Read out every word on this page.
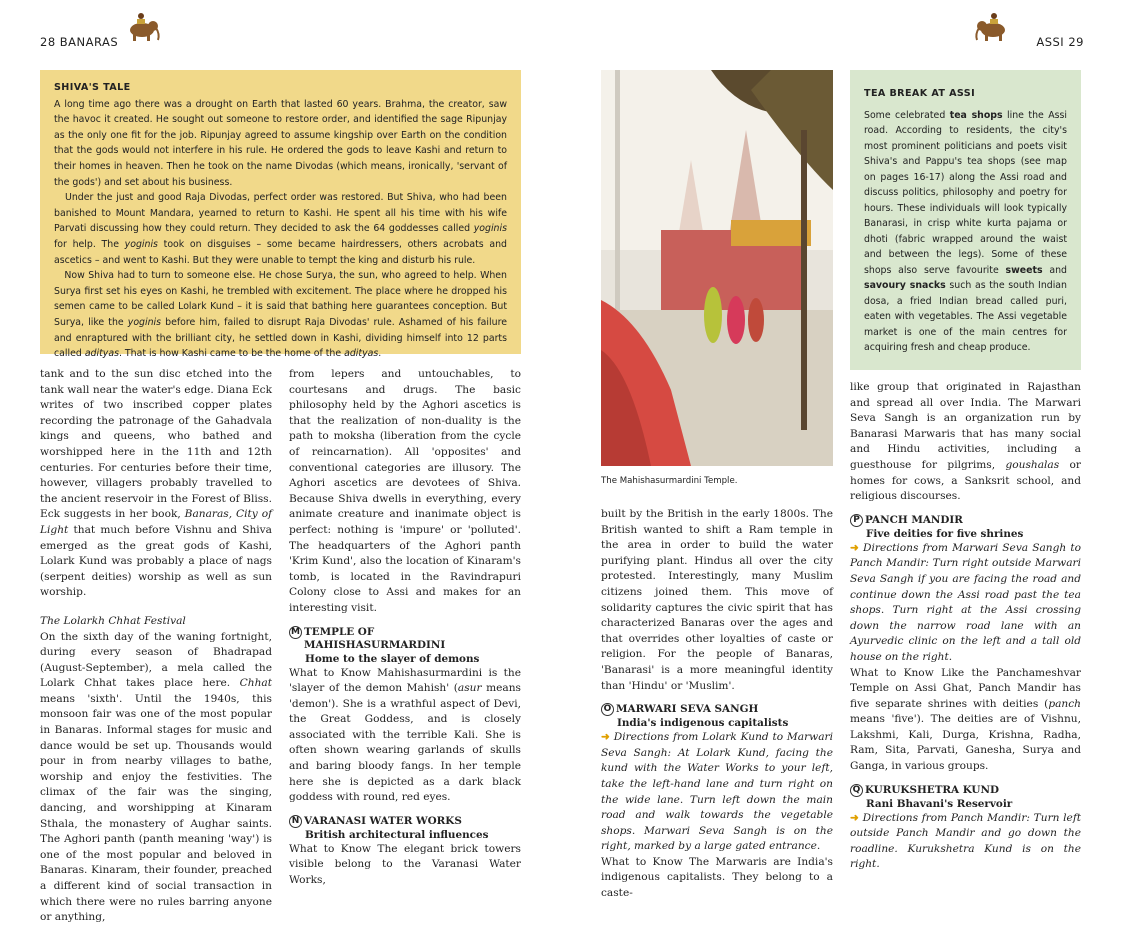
28 BANARAS
SHIVA'S TALE

A long time ago there was a drought on Earth that lasted 60 years. Brahma, the creator, saw the havoc it created. He sought out someone to restore order, and identified the sage Ripunjay as the only one fit for the job. Ripunjay agreed to assume kingship over Earth on the condition that the gods would not interfere in his rule. He ordered the gods to leave Kashi and return to their homes in heaven. Then he took on the name Divodas (which means, ironically, 'servant of the gods') and set about his business.

Under the just and good Raja Divodas, perfect order was restored. But Shiva, who had been banished to Mount Mandara, yearned to return to Kashi. He spent all his time with his wife Parvati discussing how they could return. They decided to ask the 64 goddesses called yoginis for help. The yoginis took on disguises – some became hairdressers, others acrobats and ascetics – and went to Kashi. But they were unable to tempt the king and disturb his rule.

Now Shiva had to turn to someone else. He chose Surya, the sun, who agreed to help. When Surya first set his eyes on Kashi, he trembled with excitement. The place where he dropped his semen came to be called Lolark Kund – it is said that bathing here guarantees conception. But Surya, like the yoginis before him, failed to disrupt Raja Divodas' rule. Ashamed of his failure and enraptured with the brilliant city, he settled down in Kashi, dividing himself into 12 parts called adityas. That is how Kashi came to be the home of the adityas.

tank and to the sun disc etched into the tank wall near the water's edge. Diana Eck writes of two inscribed copper plates recording the patronage of the Gahadvala kings and queens, who bathed and worshipped here in the 11th and 12th centuries. For centuries before their time, however, villagers probably travelled to the ancient reservoir in the Forest of Bliss. Eck suggests in her book, Banaras, City of Light that much before Vishnu and Shiva emerged as the great gods of Kashi, Lolark Kund was probably a place of nags (serpent deities) worship as well as sun worship.

The Lolarkh Chhat Festival

On the sixth day of the waning fortnight, during every season of Bhadrapad (August-September), a mela called the Lolark Chhat takes place here. Chhat means 'sixth'. Until the 1940s, this monsoon fair was one of the most popular in Banaras. Informal stages for music and dance would be set up. Thousands would pour in from nearby villages to bathe, worship and enjoy the festivities. The climax of the fair was the singing, dancing, and worshipping at Kinaram Sthala, the monastery of Aughar saints. The Aghori panth (panth meaning 'way') is one of the most popular and beloved in Banaras. Kinaram, their founder, preached a different kind of social transaction in which there were no rules barring anyone or anything,

from lepers and untouchables, to courtesans and drugs. The basic philosophy held by the Aghori ascetics is that the realization of non-duality is the path to moksha (liberation from the cycle of reincarnation). All 'opposites' and conventional categories are illusory. The Aghori ascetics are devotees of Shiva. Because Shiva dwells in everything, every animate creature and inanimate object is perfect: nothing is 'impure' or 'polluted'. The headquarters of the Aghori panth 'Krim Kund', also the location of Kinaram's tomb, is located in the Ravindrapuri Colony close to Assi and makes for an interesting visit.

M TEMPLE OF
MAHISHASURMARDINI
Home to the slayer of demons

What to Know Mahishasurmardini is the 'slayer of the demon Mahish' (asur means 'demon'). She is a wrathful aspect of Devi, the Great Goddess, and is closely associated with the terrible Kali. She is often shown wearing garlands of skulls and baring bloody fangs. In her temple here she is depicted as a dark black goddess with round, red eyes.

N VARANASI WATER WORKS
British architectural influences

What to Know The elegant brick towers visible belong to the Varanasi Water Works,

ASSI 29
The Mahishasurmardini Temple.

built by the British in the early 1800s. The British wanted to shift a Ram temple in the area in order to build the water purifying plant. Hindus all over the city protested. Interestingly, many Muslim citizens joined them. This move of solidarity captures the civic spirit that has characterized Banaras over the ages and that overrides other loyalties of caste or religion. For the people of Banaras, 'Banarasi' is a more meaningful identity than 'Hindu' or 'Muslim'.

O MARWARI SEVA SANGH
India's indigenous capitalists

➜ Directions from Lolark Kund to Marwari Seva Sangh: At Lolark Kund, facing the kund with the Water Works to your left, take the left-hand lane and turn right on the wide lane. Turn left down the main road and walk towards the vegetable shops. Marwari Seva Sangh is on the right, marked by a large gated entrance.

What to Know The Marwaris are India's indigenous capitalists. They belong to a caste-

TEA BREAK AT ASSI

Some celebrated tea shops line the Assi road. According to residents, the city's most prominent politicians and poets visit Shiva's and Pappu's tea shops (see map on pages 16-17) along the Assi road and discuss politics, philosophy and poetry for hours. These individuals will look typically Banarasi, in crisp white kurta pajama or dhoti (fabric wrapped around the waist and between the legs). Some of these shops also serve favourite sweets and savoury snacks such as the south Indian dosa, a fried Indian bread called puri, eaten with vegetables. The Assi vegetable market is one of the main centres for acquiring fresh and cheap produce.

like group that originated in Rajasthan and spread all over India. The Marwari Seva Sangh is an organization run by Banarasi Marwaris that has many social and Hindu activities, including a guesthouse for pilgrims, goushalas or homes for cows, a Sanksrit school, and religious discourses.

P PANCH MANDIR
Five deities for five shrines

➜ Directions from Marwari Seva Sangh to Panch Mandir: Turn right outside Marwari Seva Sangh if you are facing the road and continue down the Assi road past the tea shops. Turn right at the Assi crossing down the narrow road lane with an Ayurvedic clinic on the left and a tall old house on the right.

What to Know Like the Panchameshvar Temple on Assi Ghat, Panch Mandir has five separate shrines with deities (panch means 'five'). The deities are of Vishnu, Lakshmi, Kali, Durga, Krishna, Radha, Ram, Sita, Parvati, Ganesha, Surya and Ganga, in various groups.

Q KURUKSHETRA KUND
Rani Bhavani's Reservoir

➜ Directions from Panch Mandir: Turn left outside Panch Mandir and go down the roadline. Kurukshetra Kund is on the right.
